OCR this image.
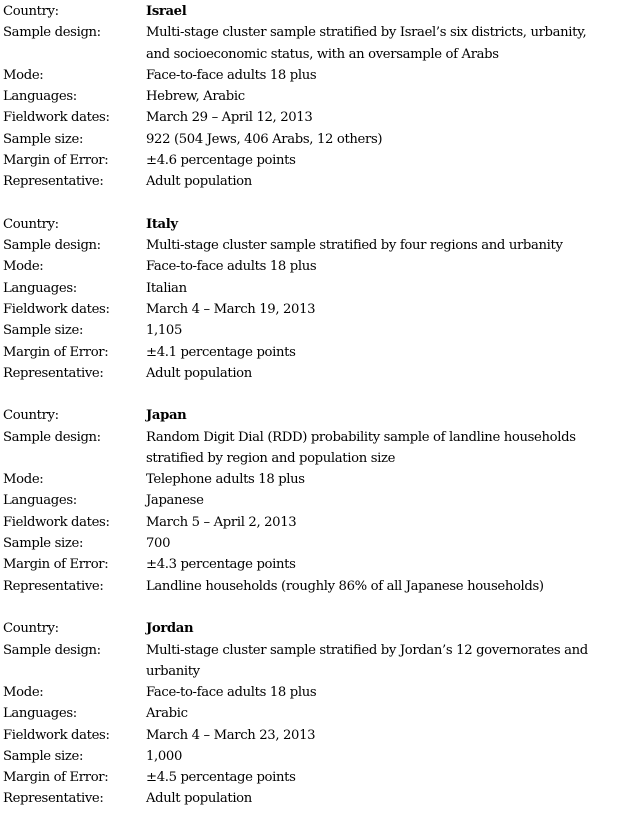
Country:	Israel
Sample design:	Multi-stage cluster sample stratified by Israel’s six districts, urbanity, and socioeconomic status, with an oversample of Arabs
Mode:	Face-to-face adults 18 plus
Languages:	Hebrew, Arabic
Fieldwork dates:	March 29 – April 12, 2013
Sample size:	922 (504 Jews, 406 Arabs, 12 others)
Margin of Error:	±4.6 percentage points
Representative:	Adult population
Country:	Italy
Sample design:	Multi-stage cluster sample stratified by four regions and urbanity
Mode:	Face-to-face adults 18 plus
Languages:	Italian
Fieldwork dates:	March 4 – March 19, 2013
Sample size:	1,105
Margin of Error:	±4.1 percentage points
Representative:	Adult population
Country:	Japan
Sample design:	Random Digit Dial (RDD) probability sample of landline households stratified by region and population size
Mode:	Telephone adults 18 plus
Languages:	Japanese
Fieldwork dates:	March 5 – April 2, 2013
Sample size:	700
Margin of Error:	±4.3 percentage points
Representative:	Landline households (roughly 86% of all Japanese households)
Country:	Jordan
Sample design:	Multi-stage cluster sample stratified by Jordan’s 12 governorates and urbanity
Mode:	Face-to-face adults 18 plus
Languages:	Arabic
Fieldwork dates:	March 4 – March 23, 2013
Sample size:	1,000
Margin of Error:	±4.5 percentage points
Representative:	Adult population
